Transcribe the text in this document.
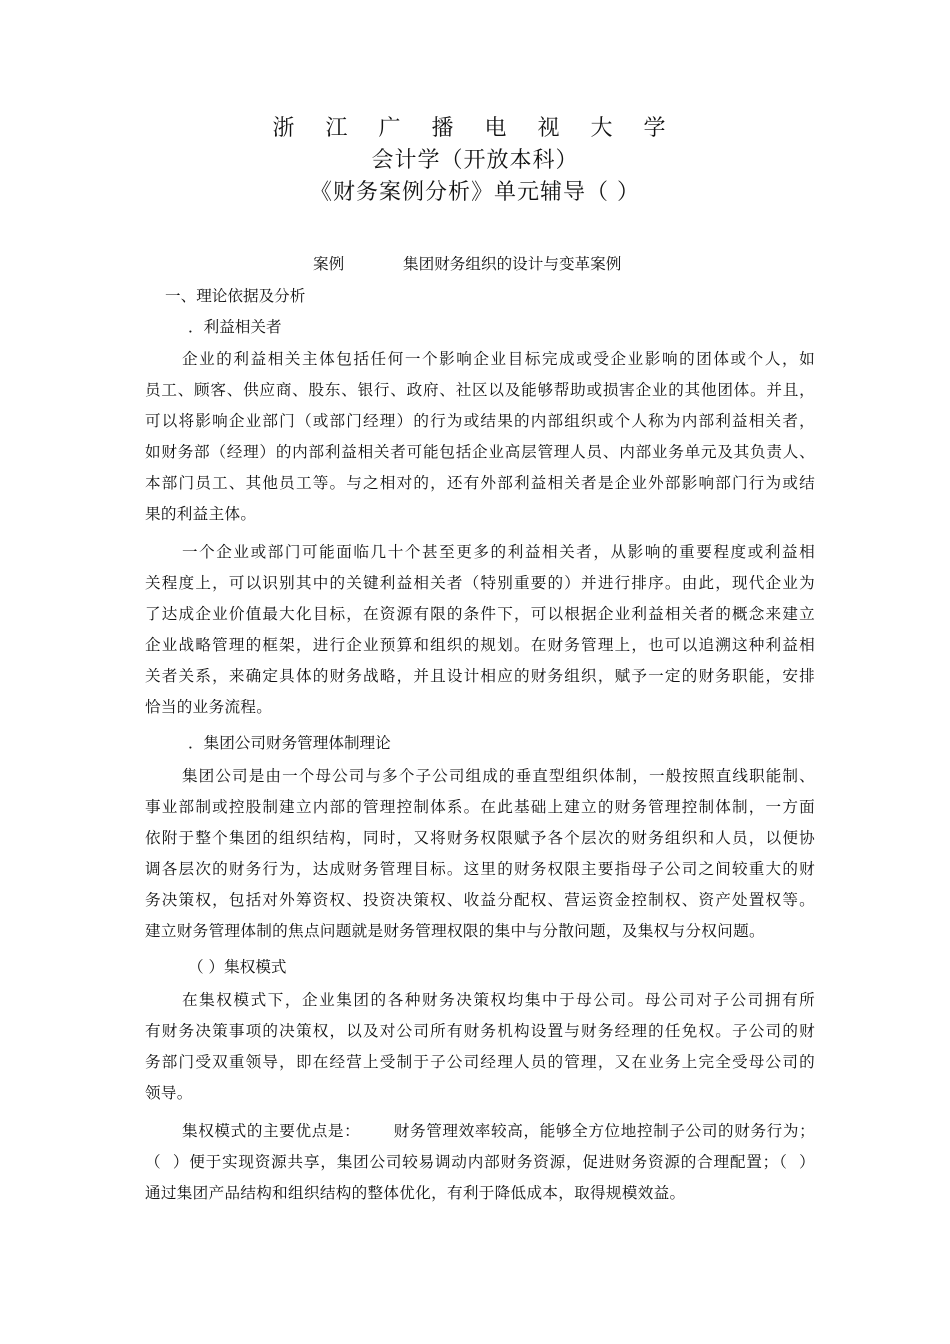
浙 江 广 播 电 视 大 学
会计学（开放本科）
《财务案例分析》单元辅导（ ）
案例	集团财务组织的设计与变革案例
一、理论依据及分析
．利益相关者
企业的利益相关主体包括任何一个影响企业目标完成或受企业影响的团体或个人，如
员工、顾客、供应商、股东、银行、政府、社区以及能够帮助或损害企业的其他团体。并且，
可以将影响企业部门（或部门经理）的行为或结果的内部组织或个人称为内部利益相关者，
如财务部（经理）的内部利益相关者可能包括企业高层管理人员、内部业务单元及其负责人、
本部门员工、其他员工等。与之相对的，还有外部利益相关者是企业外部影响部门行为或结
果的利益主体。
一个企业或部门可能面临几十个甚至更多的利益相关者，从影响的重要程度或利益相
关程度上，可以识别其中的关键利益相关者（特别重要的）并进行排序。由此，现代企业为
了达成企业价值最大化目标，在资源有限的条件下，可以根据企业利益相关者的概念来建立
企业战略管理的框架，进行企业预算和组织的规划。在财务管理上，也可以追溯这种利益相
关者关系，来确定具体的财务战略，并且设计相应的财务组织，赋予一定的财务职能，安排
恰当的业务流程。
．集团公司财务管理体制理论
集团公司是由一个母公司与多个子公司组成的垂直型组织体制，一般按照直线职能制、
事业部制或控股制建立内部的管理控制体系。在此基础上建立的财务管理控制体制，一方面
依附于整个集团的组织结构，同时，又将财务权限赋予各个层次的财务组织和人员，以便协
调各层次的财务行为，达成财务管理目标。这里的财务权限主要指母子公司之间较重大的财
务决策权，包括对外筹资权、投资决策权、收益分配权、营运资金控制权、资产处置权等。
建立财务管理体制的焦点问题就是财务管理权限的集中与分散问题，及集权与分权问题。
（ ）集权模式
在集权模式下，企业集团的各种财务决策权均集中于母公司。母公司对子公司拥有所
有财务决策事项的决策权，以及对公司所有财务机构设置与财务经理的任免权。子公司的财
务部门受双重领导，即在经营上受制于子公司经理人员的管理，又在业务上完全受母公司的
领导。
集权模式的主要优点是：      财务管理效率较高，能够全方位地控制子公司的财务行为；
（  ）便于实现资源共享，集团公司较易调动内部财务资源，促进财务资源的合理配置；（  ）
通过集团产品结构和组织结构的整体优化，有利于降低成本，取得规模效益。
